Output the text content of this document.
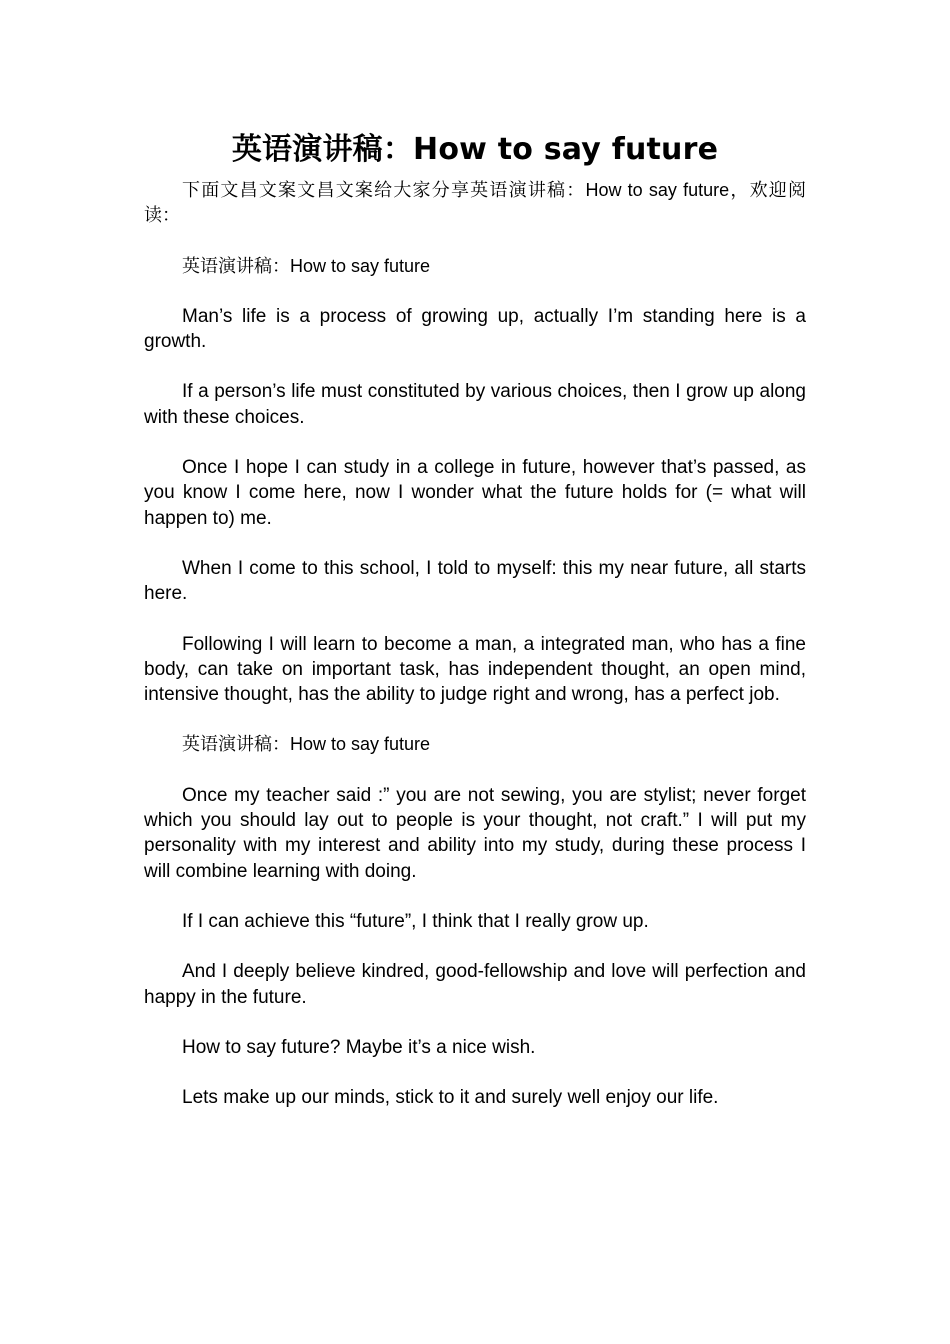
英语演讲稿：How to say future

下面文昌文案文昌文案给大家分享英语演讲稿：How to say future，欢迎阅读：

英语演讲稿：How to say future

Man’s life is a process of growing up, actually I’m standing here is a growth.

If a person’s life must constituted by various choices, then I grow up along with these choices.

Once I hope I can study in a college in future, however that’s passed, as you know I come here, now I wonder what the future holds for (= what will happen to) me.

When I come to this school, I told to myself: this my near future, all starts here.

Following I will learn to become a man, a integrated man, who has a fine body, can take on important task, has independent thought, an open mind, intensive thought, has the ability to judge right and wrong, has a perfect job.

英语演讲稿：How to say future

Once my teacher said :” you are not sewing, you are stylist; never forget which you should lay out to people is your thought, not craft.” I will put my personality with my interest and ability into my study, during these process I will combine learning with doing.

If I can achieve this “future”, I think that I really grow up.

And I deeply believe kindred, good-fellowship and love will perfection and happy in the future.

How to say future? Maybe it’s a nice wish.

Lets make up our minds, stick to it and surely well enjoy our life.
